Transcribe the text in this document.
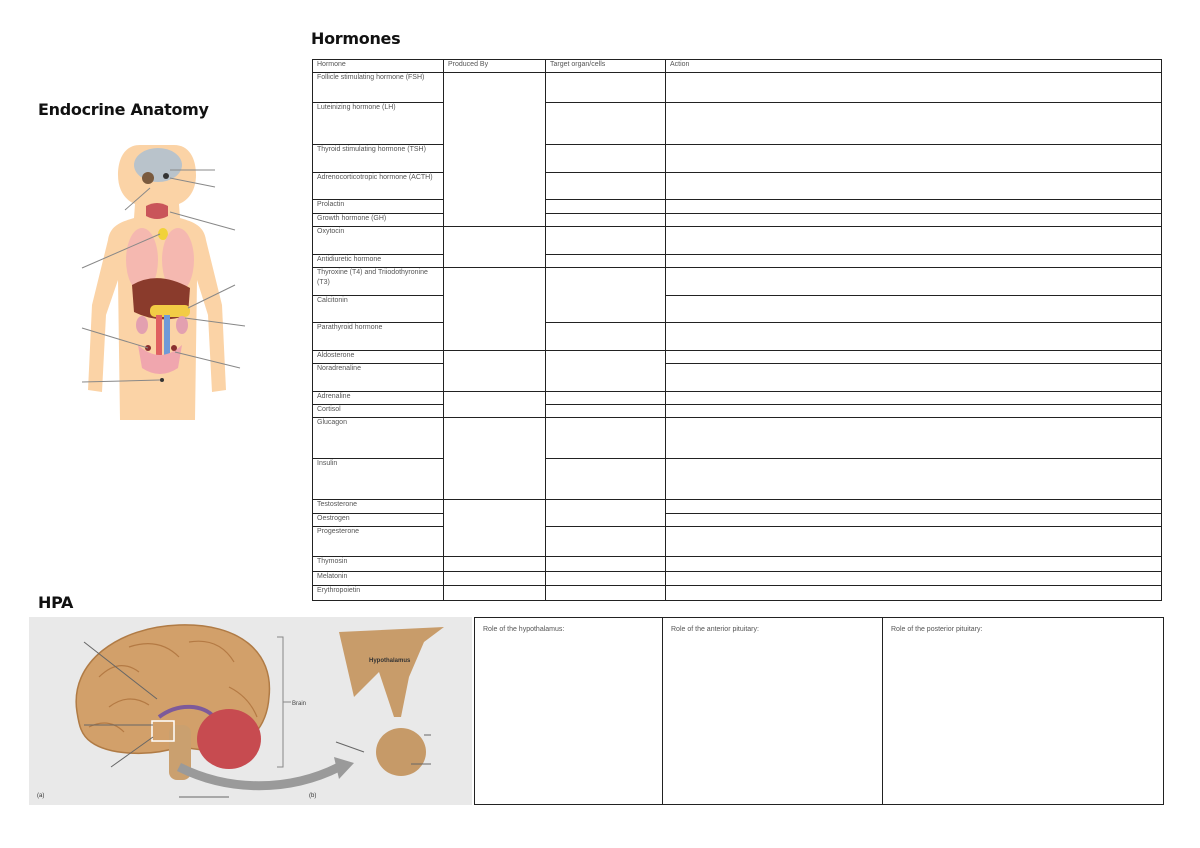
Endocrine Anatomy
Hormones
HPA
Hormone	Produced By	Target organ/cells	Action
Follicle stimulating hormone (FSH)			
Luteinizing hormone (LH)			
Thyroid stimulating hormone (TSH)			
Adrenocorticotropic hormone (ACTH)			
Prolactin			
Growth hormone (GH)			
Oxytocin			
Antidiuretic hormone			
Thyroxine (T4) and Triiodothyronine (T3)			
Calcitonin			
Parathyroid hormone			
Aldosterone			
Noradrenaline			
Adrenaline			
Cortisol			
Glucagon			
Insulin			
Testosterone			
Oestrogen			
Progesterone			
Thymosin			
Melatonin			
Erythropoietin			
Brain
Hypothalamus
(a)	(b)
Role of the hypothalamus:	Role of the anterior pituitary:	Role of the posterior pituitary:
